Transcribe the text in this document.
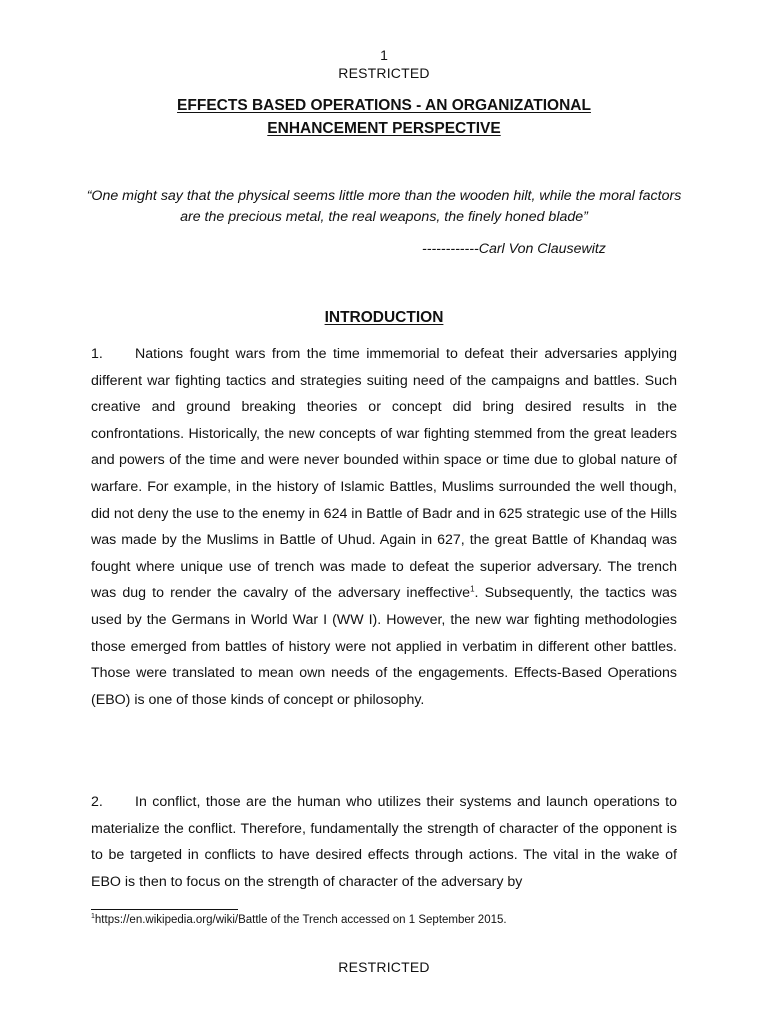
1
RESTRICTED
EFFECTS BASED OPERATIONS - AN ORGANIZATIONAL
ENHANCEMENT PERSPECTIVE
“One might say that the physical seems little more than the wooden hilt, while the moral factors are the precious metal, the real weapons, the finely honed blade”
------------Carl Von Clausewitz
INTRODUCTION
1. Nations fought wars from the time immemorial to defeat their adversaries applying different war fighting tactics and strategies suiting need of the campaigns and battles. Such creative and ground breaking theories or concept did bring desired results in the confrontations. Historically, the new concepts of war fighting stemmed from the great leaders and powers of the time and were never bounded within space or time due to global nature of warfare. For example, in the history of Islamic Battles, Muslims surrounded the well though, did not deny the use to the enemy in 624 in Battle of Badr and in 625 strategic use of the Hills was made by the Muslims in Battle of Uhud. Again in 627, the great Battle of Khandaq was fought where unique use of trench was made to defeat the superior adversary. The trench was dug to render the cavalry of the adversary ineffective$^1$. Subsequently, the tactics was used by the Germans in World War I (WW I). However, the new war fighting methodologies those emerged from battles of history were not applied in verbatim in different other battles. Those were translated to mean own needs of the engagements. Effects-Based Operations (EBO) is one of those kinds of concept or philosophy.
2. In conflict, those are the human who utilizes their systems and launch operations to materialize the conflict. Therefore, fundamentally the strength of character of the opponent is to be targeted in conflicts to have desired effects through actions. The vital in the wake of EBO is then to focus on the strength of character of the adversary by
$^1$https://en.wikipedia.org/wiki/Battle of the Trench accessed on 1 September 2015.
RESTRICTED
